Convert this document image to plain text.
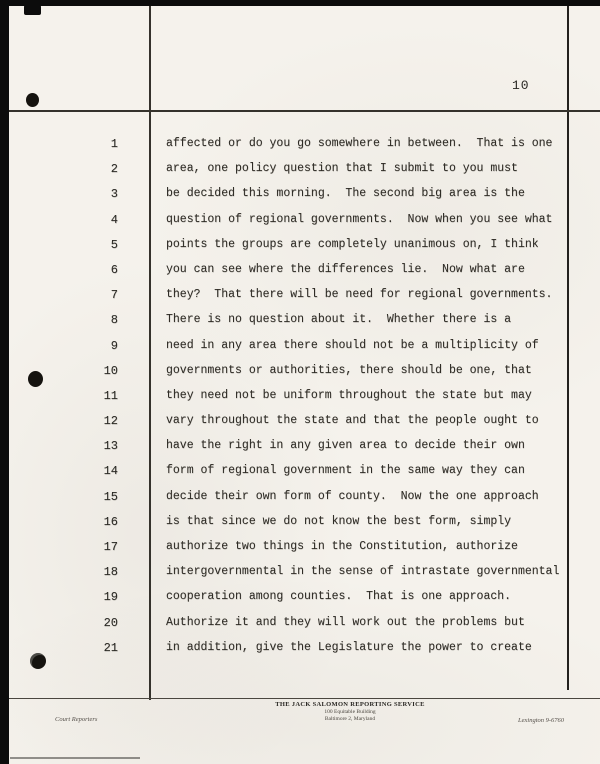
10
1	affected or do you go somewhere in between.  That is one
2	area, one policy question that I submit to you must
3	be decided this morning.  The second big area is the
4	question of regional governments.  Now when you see what
5	points the groups are completely unanimous on, I think
6	you can see where the differences lie.  Now what are
7	they?  That there will be need for regional governments.
8	There is no question about it.  Whether there is a
9	need in any area there should not be a multiplicity of
10	governments or authorities, there should be one, that
11	they need not be uniform throughout the state but may
12	vary throughout the state and that the people ought to
13	have the right in any given area to decide their own
14	form of regional government in the same way they can
15	decide their own form of county.  Now the one approach
16	is that since we do not know the best form, simply
17	authorize two things in the Constitution, authorize
18	intergovernmental in the sense of intrastate governmental
19	cooperation among counties.  That is one approach.
20	Authorize it and they will work out the problems but
21	in addition, give the Legislature the power to create
Court Reporters
THE JACK SALOMON REPORTING SERVICE
100 Equitable Building
Baltimore 2, Maryland	Lexington 9-6760
